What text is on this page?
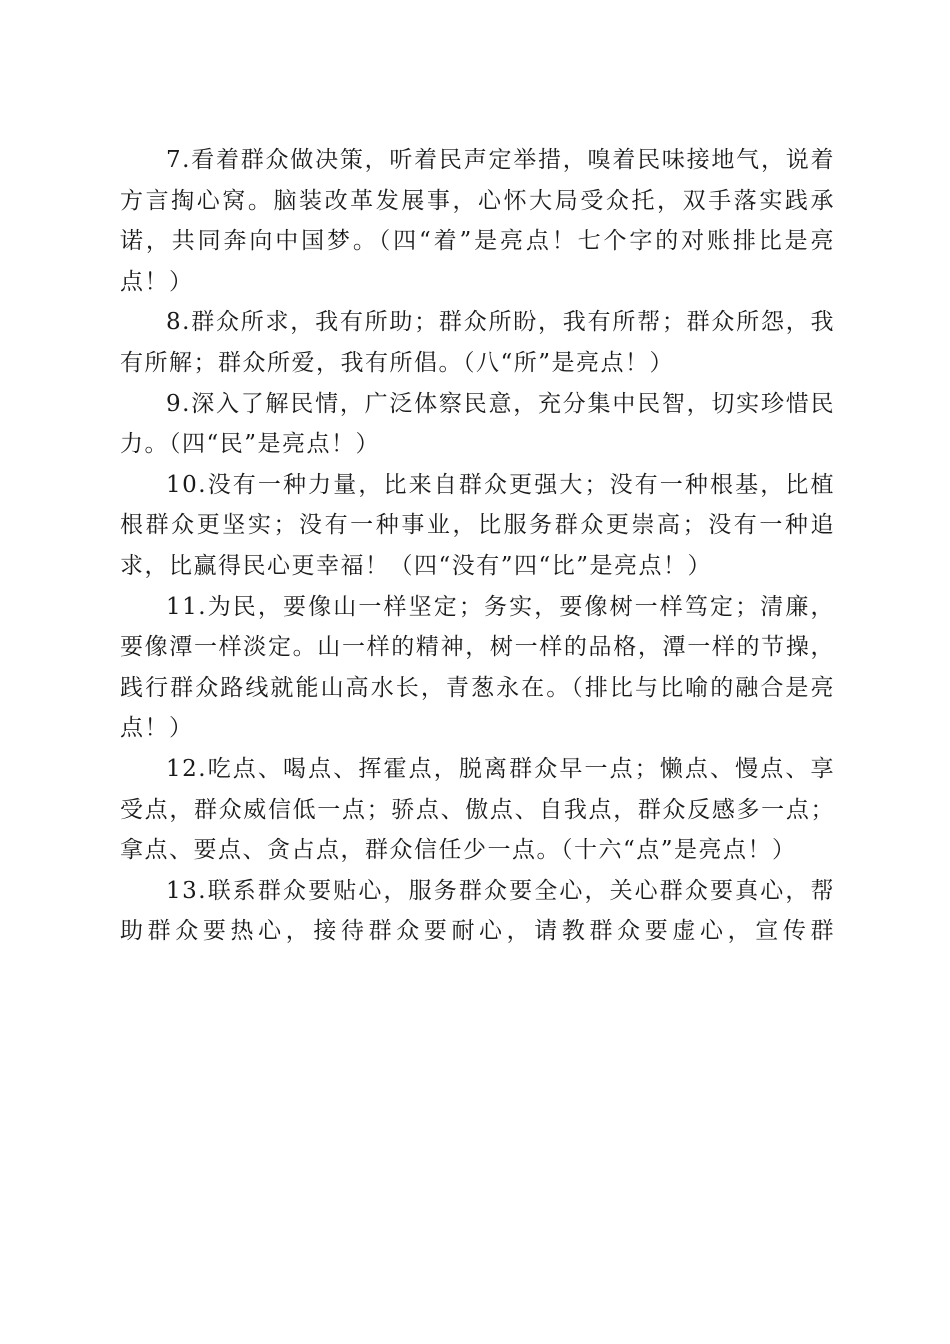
7.看着群众做决策，听着民声定举措，嗅着民味接地气，说着方言掏心窝。脑装改革发展事，心怀大局受众托，双手落实践承诺，共同奔向中国梦。（四“着”是亮点！七个字的对账排比是亮点！）

8.群众所求，我有所助；群众所盼，我有所帮；群众所怨，我有所解；群众所爱，我有所倡。（八“所”是亮点！）

9.深入了解民情，广泛体察民意，充分集中民智，切实珍惜民力。（四“民”是亮点！）

10.没有一种力量，比来自群众更强大；没有一种根基，比植根群众更坚实；没有一种事业，比服务群众更崇高；没有一种追求，比赢得民心更幸福！（四“没有”四“比”是亮点！）

11.为民，要像山一样坚定；务实，要像树一样笃定；清廉，要像潭一样淡定。山一样的精神，树一样的品格，潭一样的节操，践行群众路线就能山高水长，青葱永在。（排比与比喻的融合是亮点！）

12.吃点、喝点、挥霍点，脱离群众早一点；懒点、慢点、享受点，群众威信低一点；骄点、傲点、自我点，群众反感多一点；拿点、要点、贪占点，群众信任少一点。（十六“点”是亮点！）

13.联系群众要贴心，服务群众要全心，关心群众要真心，帮助群众要热心，接待群众要耐心，请教群众要虚心，宣传群
